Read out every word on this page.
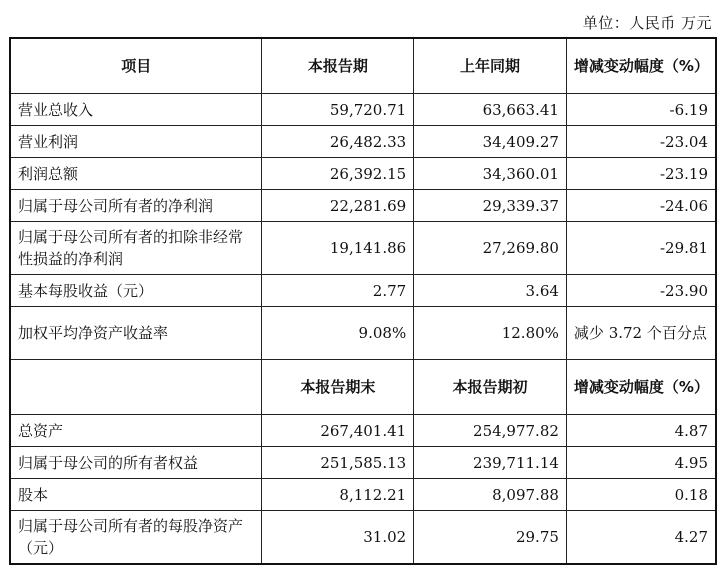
单位：人民币 万元
项目	本报告期	上年同期	增减变动幅度（%）
营业总收入	59,720.71	63,663.41	-6.19
营业利润	26,482.33	34,409.27	-23.04
利润总额	26,392.15	34,360.01	-23.19
归属于母公司所有者的净利润	22,281.69	29,339.37	-24.06
归属于母公司所有者的扣除非经常性损益的净利润	19,141.86	27,269.80	-29.81
基本每股收益（元）	2.77	3.64	-23.90
加权平均净资产收益率	9.08%	12.80%	减少 3.72 个百分点
	本报告期末	本报告期初	增减变动幅度（%）
总资产	267,401.41	254,977.82	4.87
归属于母公司的所有者权益	251,585.13	239,711.14	4.95
股本	8,112.21	8,097.88	0.18
归属于母公司所有者的每股净资产（元）	31.02	29.75	4.27
